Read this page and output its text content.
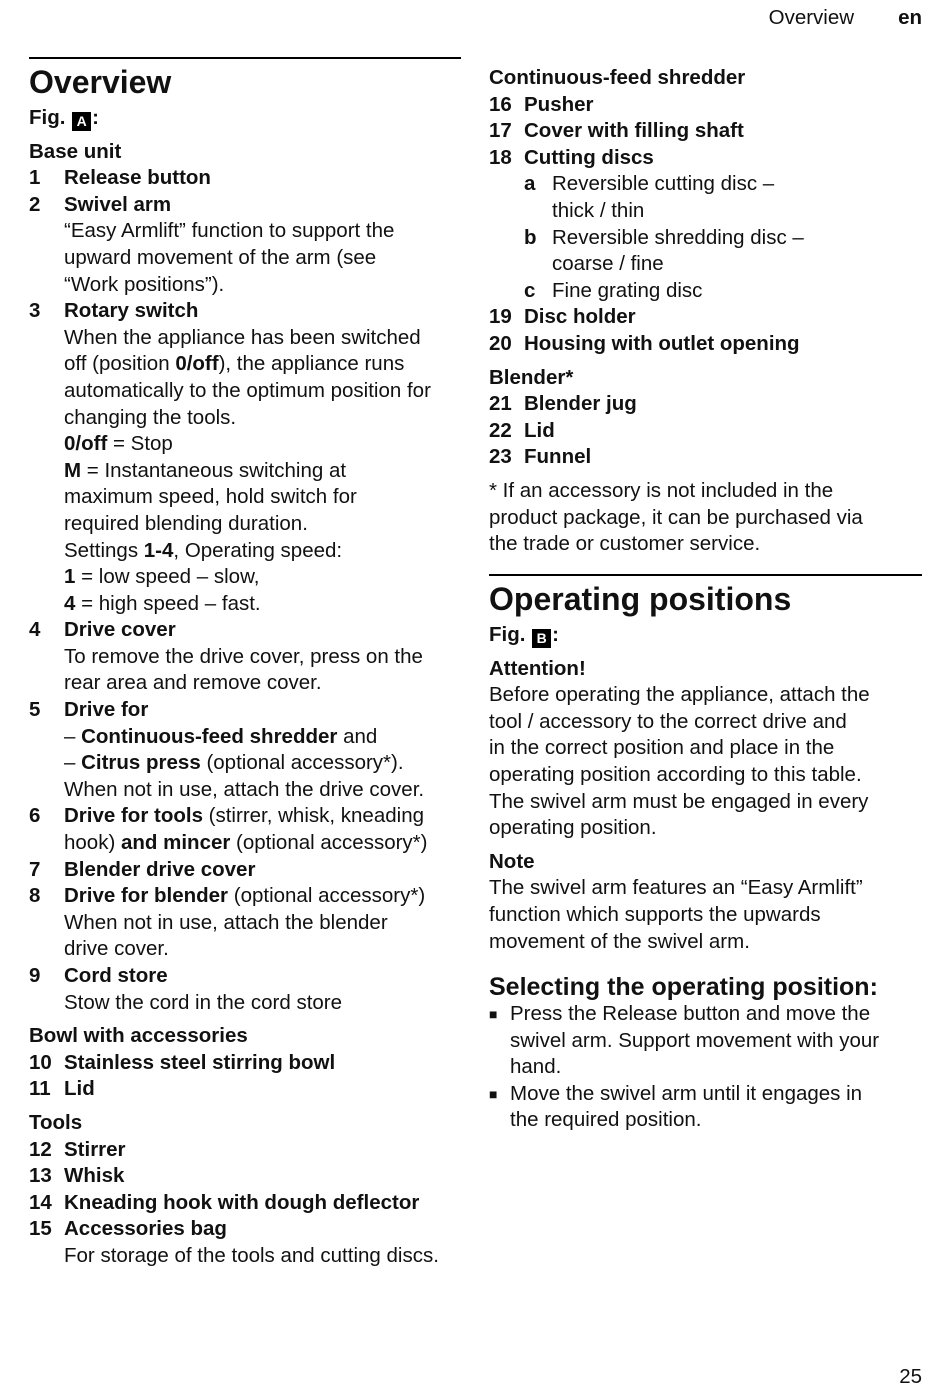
Overview en
Overview
Fig. A :
Base unit
1	Release button
2	Swivel arm
“Easy Armlift” function to support the
upward movement of the arm (see
“Work positions”).
3	Rotary switch
When the appliance has been switched
off (position 0/off), the appliance runs
automatically to the optimum position for
changing the tools.
0/off = Stop
M = Instantaneous switching at
maximum speed, hold switch for
required blending duration.
Settings 1-4, Operating speed:
1 = low speed – slow,
4 = high speed – fast.
4	Drive cover
To remove the drive cover, press on the
rear area and remove cover.
5	Drive for
– Continuous-feed shredder and
– Citrus press (optional accessory*).
When not in use, attach the drive cover.
6	Drive for tools (stirrer, whisk, kneading
hook) and mincer (optional accessory*)
7	Blender drive cover
8	Drive for blender (optional accessory*)
When not in use, attach the blender
drive cover.
9	Cord store
Stow the cord in the cord store
Bowl with accessories
10 Stainless steel stirring bowl
11 Lid
Tools
12 Stirrer
13 Whisk
14 Kneading hook with dough deflector
15 Accessories bag
For storage of the tools and cutting discs.
Continuous-feed shredder
16 Pusher
17 Cover with filling shaft
18 Cutting discs
a Reversible cutting disc –
thick / thin
b Reversible shredding disc –
coarse / fine
c Fine grating disc
19 Disc holder
20 Housing with outlet opening
Blender*
21 Blender jug
22 Lid
23 Funnel
* If an accessory is not included in the
product package, it can be purchased via
the trade or customer service.
Operating positions
Fig. B :
Attention!
Before operating the appliance, attach the
tool / accessory to the correct drive and
in the correct position and place in the
operating position according to this table.
The swivel arm must be engaged in every
operating position.
Note
The swivel arm features an “Easy Armlift”
function which supports the upwards
movement of the swivel arm.
Selecting the operating position:
■ Press the Release button and move the
swivel arm. Support movement with your
hand.
■ Move the swivel arm until it engages in
the required position.
25
